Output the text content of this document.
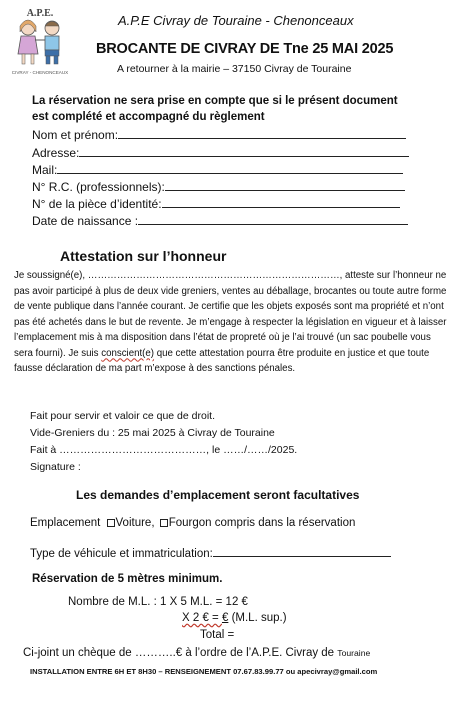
A.P.E.
CIVRAY - CHENONCEAUX
A.P.E Civray de Touraine - Chenonceaux
BROCANTE DE CIVRAY DE Tne 25 MAI 2025
A retourner à la mairie – 37150 Civray de Touraine
La réservation ne sera prise en compte que si le présent document
est complété et accompagné du règlement
Nom et prénom:
Adresse:
Mail:
N° R.C. (professionnels):
N° de la pièce d’identité:
Date de naissance :
Attestation sur l’honneur

Je soussigné(e), ……………………………………………………………………, atteste sur l’honneur ne pas avoir participé à plus de deux vide greniers, ventes au déballage, brocantes ou toute autre forme de vente publique dans l’année courant. Je certifie que les objets exposés sont ma propriété et n’ont pas été achetés dans le but de revente. Je m’engage à respecter la législation en vigueur et à laisser l’emplacement mis à ma disposition dans l’état de propreté où je l’ai trouvé (un sac poubelle vous sera fourni). Je suis conscient(e) que cette attestation pourra être produite en justice et que toute fausse déclaration de ma part m’expose à des sanctions pénales.

Fait pour servir et valoir ce que de droit.
Vide-Greniers du : 25 mai 2025 à Civray de Touraine
Fait à ……………………………………, le ……/……/2025.
Signature :
Les demandes d’emplacement seront facultatives
Emplacement Voiture, Fourgon compris dans la réservation
Type de véhicule et immatriculation:
Réservation de 5 mètres minimum.
Nombre de M.L. : 1 X 5 M.L. = 12 €
X 2 € = € (M.L. sup.)
Total =
Ci-joint un chèque de ………..€ à l’ordre de l’A.P.E. Civray de Touraine
INSTALLATION ENTRE 6H ET 8H30 – RENSEIGNEMENT 07.67.83.99.77 ou apecivray@gmail.com
